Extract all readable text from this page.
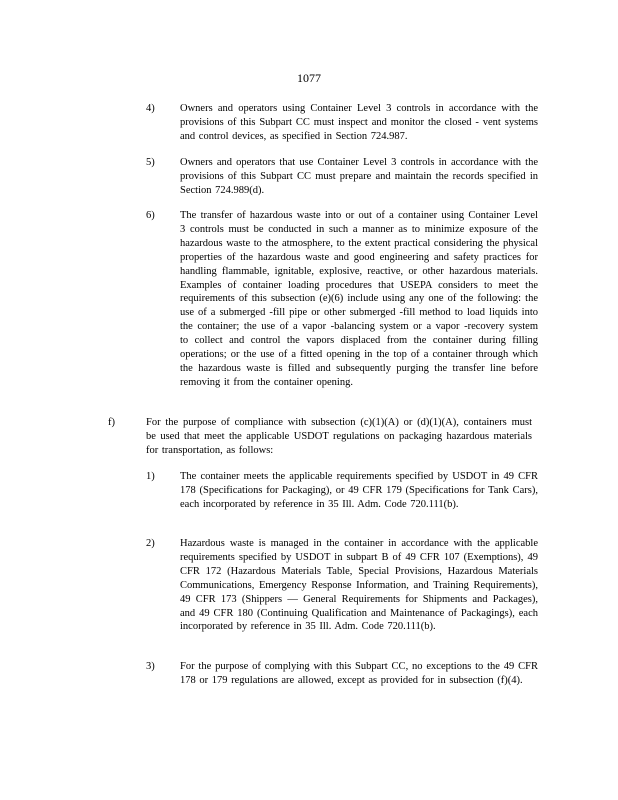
1077
4) Owners and operators using Container Level 3 controls in accordance with the provisions of this Subpart CC must inspect and monitor the closed - vent systems and control devices, as specified in Section 724.987.
5) Owners and operators that use Container Level 3 controls in accordance with the provisions of this Subpart CC must prepare and maintain the records specified in Section 724.989(d).
6) The transfer of hazardous waste into or out of a container using Container Level 3 controls must be conducted in such a manner as to minimize exposure of the hazardous waste to the atmosphere, to the extent practical considering the physical properties of the hazardous waste and good engineering and safety practices for handling flammable, ignitable, explosive, reactive, or other hazardous materials. Examples of container loading procedures that USEPA considers to meet the requirements of this subsection (e)(6) include using any one of the following: the use of a submerged -fill pipe or other submerged -fill method to load liquids into the container; the use of a vapor -balancing system or a vapor -recovery system to collect and control the vapors displaced from the container during filling operations; or the use of a fitted opening in the top of a container through which the hazardous waste is filled and subsequently purging the transfer line before removing it from the container opening.
f)	For the purpose of compliance with subsection (c)(1)(A) or (d)(1)(A), containers must be used that meet the applicable USDOT regulations on packaging hazardous materials for transportation, as follows:
1) The container meets the applicable requirements specified by USDOT in 49 CFR 178 (Specifications for Packaging), or 49 CFR 179 (Specifications for Tank Cars), each incorporated by reference in 35 Ill. Adm. Code 720.111(b).
2) Hazardous waste is managed in the container in accordance with the applicable requirements specified by USDOT in subpart B of 49 CFR 107 (Exemptions), 49 CFR 172 (Hazardous Materials Table, Special Provisions, Hazardous Materials Communications, Emergency Response Information, and Training Requirements), 49 CFR 173 (Shippers — General Requirements for Shipments and Packages), and 49 CFR 180 (Continuing Qualification and Maintenance of Packagings), each incorporated by reference in 35 Ill. Adm. Code 720.111(b).
3) For the purpose of complying with this Subpart CC, no exceptions to the 49 CFR 178 or 179 regulations are allowed, except as provided for in subsection (f)(4).
